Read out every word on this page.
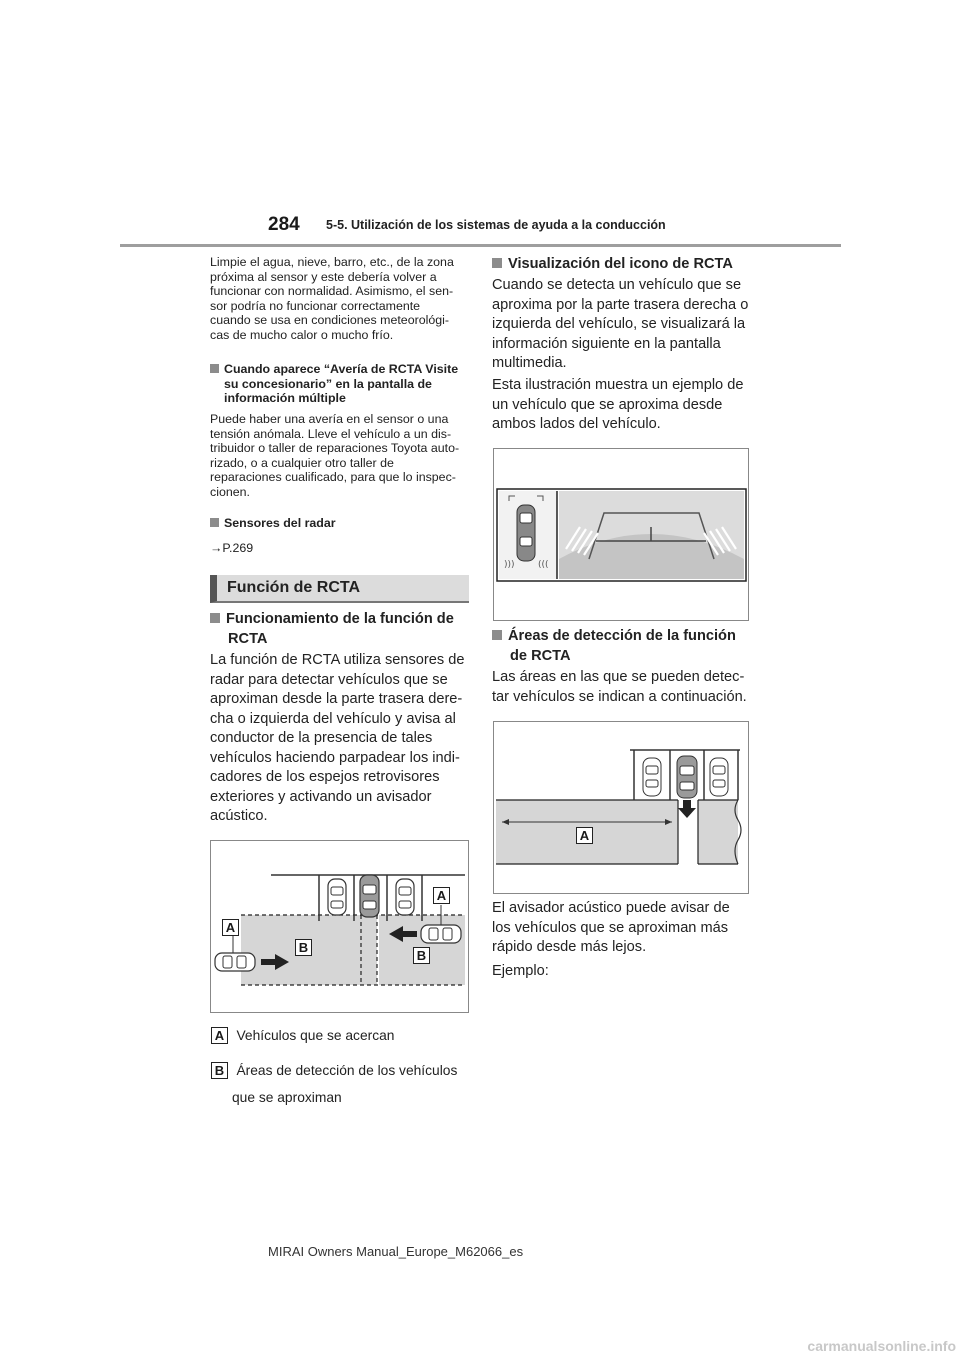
284 5-5. Utilización de los sistemas de ayuda a la conducción
Limpie el agua, nieve, barro, etc., de la zona
próxima al sensor y este debería volver a
funcionar con normalidad. Asimismo, el sen-
sor podría no funcionar correctamente
cuando se usa en condiciones meteorológi-
cas de mucho calor o mucho frío.
Cuando aparece “Avería de RCTA Visite
su concesionario” en la pantalla de
información múltiple
Puede haber una avería en el sensor o una
tensión anómala. Lleve el vehículo a un dis-
tribuidor o taller de reparaciones Toyota auto-
rizado, o a cualquier otro taller de
reparaciones cualificado, para que lo inspec-
cionen.
Sensores del radar
→P.269
Función de RCTA
Funcionamiento de la función de
RCTA
La función de RCTA utiliza sensores de
radar para detectar vehículos que se
aproximan desde la parte trasera dere-
cha o izquierda del vehículo y avisa al
conductor de la presencia de tales
vehículos haciendo parpadear los indi-
cadores de los espejos retrovisores
exteriores y activando un avisador
acústico.
A
A
B
B
A Vehículos que se acercan
B Áreas de detección de los vehículos
que se aproximan
Visualización del icono de RCTA
Cuando se detecta un vehículo que se
aproxima por la parte trasera derecha o
izquierda del vehículo, se visualizará la
información siguiente en la pantalla
multimedia.
Esta ilustración muestra un ejemplo de
un vehículo que se aproxima desde
ambos lados del vehículo.
)))	(((
Áreas de detección de la función
de RCTA
Las áreas en las que se pueden detec-
tar vehículos se indican a continuación.
A
El avisador acústico puede avisar de
los vehículos que se aproximan más
rápido desde más lejos.
Ejemplo:
MIRAI Owners Manual_Europe_M62066_es
carmanualsonline.info
